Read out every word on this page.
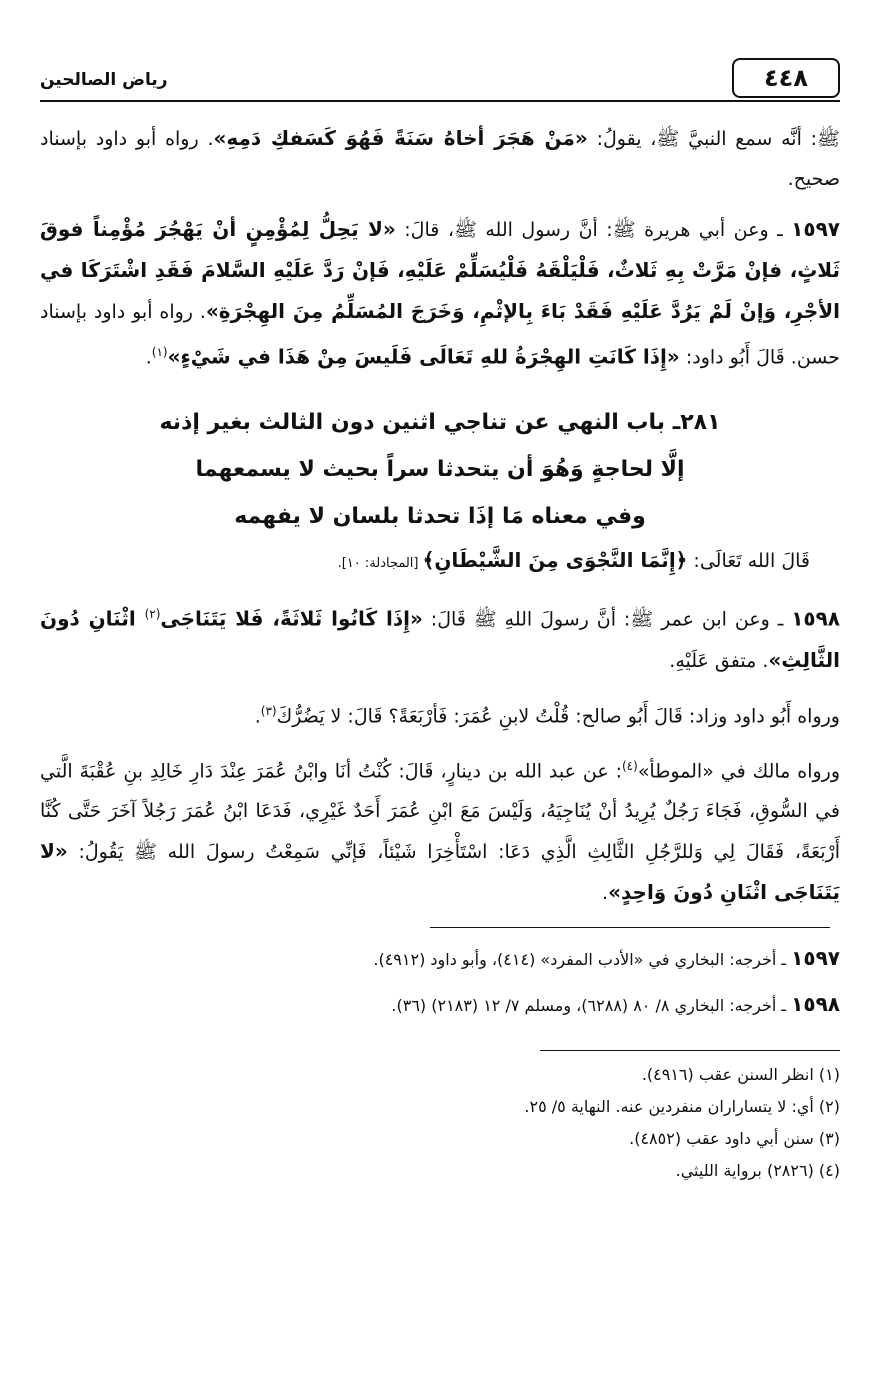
٤٤٨
رياض الصالحين

ﷺ: أنَّه سمع النبيَّ ﷺ، يقولُ: «مَنْ هَجَرَ أخاهُ سَنَةً فَهُوَ كَسَفكِ دَمِهِ». رواه أبو داود بإسناد صحيح.

١٥٩٧ ـ وعن أبي هريرة ﷺ: أنَّ رسول الله ﷺ، قالَ: «لا يَحِلُّ لِمُؤْمِنٍ أنْ يَهْجُرَ مُؤْمِناً فوقَ ثَلاثٍ، فإنْ مَرَّتْ بِهِ ثَلاثٌ، فَلْيَلْقَهُ فَلْيُسَلِّمْ عَلَيْهِ، فَإنْ رَدَّ عَلَيْهِ السَّلامَ فَقَدِ اشْتَرَكَا في الأجْرِ، وَإنْ لَمْ يَرُدَّ عَلَيْهِ فَقَدْ بَاءَ بِالإثْمِ، وَخَرَجَ المُسَلِّمُ مِنَ الهِجْرَةِ». رواه أبو داود بإسناد حسن. قَالَ أَبُو داود: «إِذَا كَانَتِ الهِجْرَةُ للهِ تَعَالَى فَلَيسَ مِنْ هَذَا في شَيْءٍ»$^{(١)}$.

٢٨١ـ باب النهي عن تناجي اثنين دون الثالث بغير إذنه
إلَّا لحاجةٍ وَهُوَ أن يتحدثا سراً بحيث لا يسمعهما
وفي معناه مَا إذَا تحدثا بلسان لا يفهمه

قَالَ الله تَعَالَى: ﴿إِنَّمَا النَّجْوَى مِنَ الشَّيْطَانِ﴾ [المجادلة: ١٠].

١٥٩٨ ـ وعن ابن عمر ﷺ: أنَّ رسولَ اللهِ ﷺ قَالَ: «إِذَا كَانُوا ثَلاثَةً، فَلا يَتَنَاجَى$^{(٢)}$ اثْنَانِ دُونَ الثَّالِثِ». متفق عَلَيْهِ.

ورواه أَبُو داود وزاد: قَالَ أَبُو صالح: قُلْتُ لابنِ عُمَرَ: فَأرْبَعَةً؟ قَالَ: لا يَضُرُّكَ$^{(٣)}$.

ورواه مالك في «الموطأ»$^{(٤)}$: عن عبد الله بن دينارٍ، قَالَ: كُنْتُ أنَا وابْنُ عُمَرَ عِنْدَ دَارِ خَالِدِ بنِ عُقْبَةَ الَّتي في السُّوقِ، فَجَاءَ رَجُلٌ يُرِيدُ أنْ يُنَاجِيَهُ، وَلَيْسَ مَعَ ابْنِ عُمَرَ أَحَدٌ غَيْرِي، فَدَعَا ابْنُ عُمَرَ رَجُلاً آخَرَ حَتَّى كُنَّا أَرْبَعَةً، فَقَالَ لِي وَللرَّجُلِ الثَّالِثِ الَّذِي دَعَا: اسْتَأْخِرَا شَيْئاً، فَإنِّي سَمِعْتُ رسولَ الله ﷺ يَقُولُ: «لا يَتَنَاجَى اثْنَانِ دُونَ وَاحِدٍ».

١٥٩٧ ـ أخرجه: البخاري في «الأدب المفرد» (٤١٤)، وأبو داود (٤٩١٢).

١٥٩٨ ـ أخرجه: البخاري ٨/ ٨٠ (٦٢٨٨)، ومسلم ٧/ ١٢ (٢١٨٣) (٣٦).

(١) انظر السنن عقب (٤٩١٦).
(٢) أي: لا يتساراران منفردين عنه. النهاية ٥/ ٢٥.
(٣) سنن أبي داود عقب (٤٨٥٢).
(٤) (٢٨٢٦) برواية الليثي.
